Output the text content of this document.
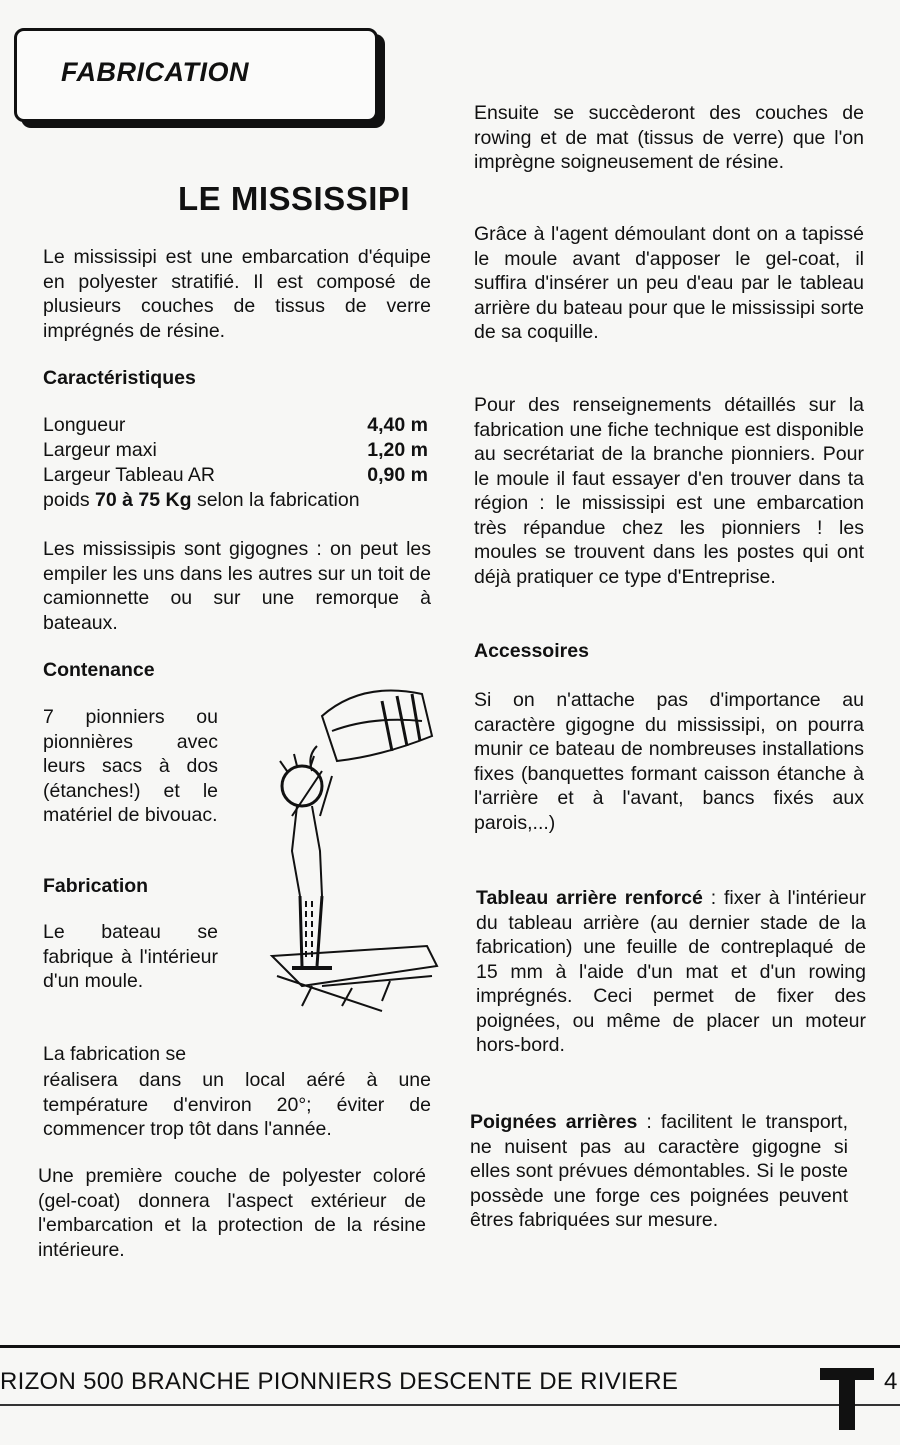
FABRICATION
LE MISSISSIPI

Le mississipi est une embarcation d'équipe en polyester stratifié. Il est composé de plusieurs couches de tissus de verre imprégnés de résine.

Caractéristiques
Longueur	4,40 m
Largeur maxi	1,20 m
Largeur Tableau AR	0,90 m
poids 70 à 75 Kg selon la fabrication

Les mississipis sont gigognes : on peut les empiler les uns dans les autres sur un toit de camionnette ou sur une remorque à bateaux.

Contenance
7 pionniers ou pionnières avec leurs sacs à dos (étanches!) et le matériel de bivouac.
Fabrication
Le bateau se fabrique à l'intérieur d'un moule.
La fabrication se
réalisera dans un local aéré à une température d'environ 20°; éviter de commencer trop tôt dans l'année.
Une première couche de polyester coloré (gel-coat) donnera l'aspect extérieur de l'embarcation et la protection de la résine intérieure.
Ensuite se succèderont des couches de rowing et de mat (tissus de verre) que l'on imprègne soigneusement de résine.
Grâce à l'agent démoulant dont on a tapissé le moule avant d'apposer le gel-coat, il suffira d'insérer un peu d'eau par le tableau arrière du bateau pour que le mississipi sorte de sa coquille.
Pour des renseignements détaillés sur la fabrication une fiche technique est disponible au secrétariat de la branche pionniers. Pour le moule il faut essayer d'en trouver dans ta région : le mississipi est une embarcation très répandue chez les pionniers ! les moules se trouvent dans les postes qui ont déjà pratiquer ce type d'Entreprise.
Accessoires
Si on n'attache pas d'importance au caractère gigogne du mississipi, on pourra munir ce bateau de nombreuses installations fixes (banquettes formant caisson étanche à l'arrière et à l'avant, bancs fixés aux parois,...)
Tableau arrière renforcé : fixer à l'intérieur du tableau arrière (au dernier stade de la fabrication) une feuille de contreplaqué de 15 mm à l'aide d'un mat et d'un rowing imprégnés. Ceci permet de fixer des poignées, ou même de placer un moteur hors-bord.
Poignées arrières : facilitent le transport, ne nuisent pas au caractère gigogne si elles sont prévues démontables. Si le poste possède une forge ces poignées peuvent êtres fabriquées sur mesure.
RIZON 500 BRANCHE PIONNIERS DESCENTE DE RIVIERE	4
